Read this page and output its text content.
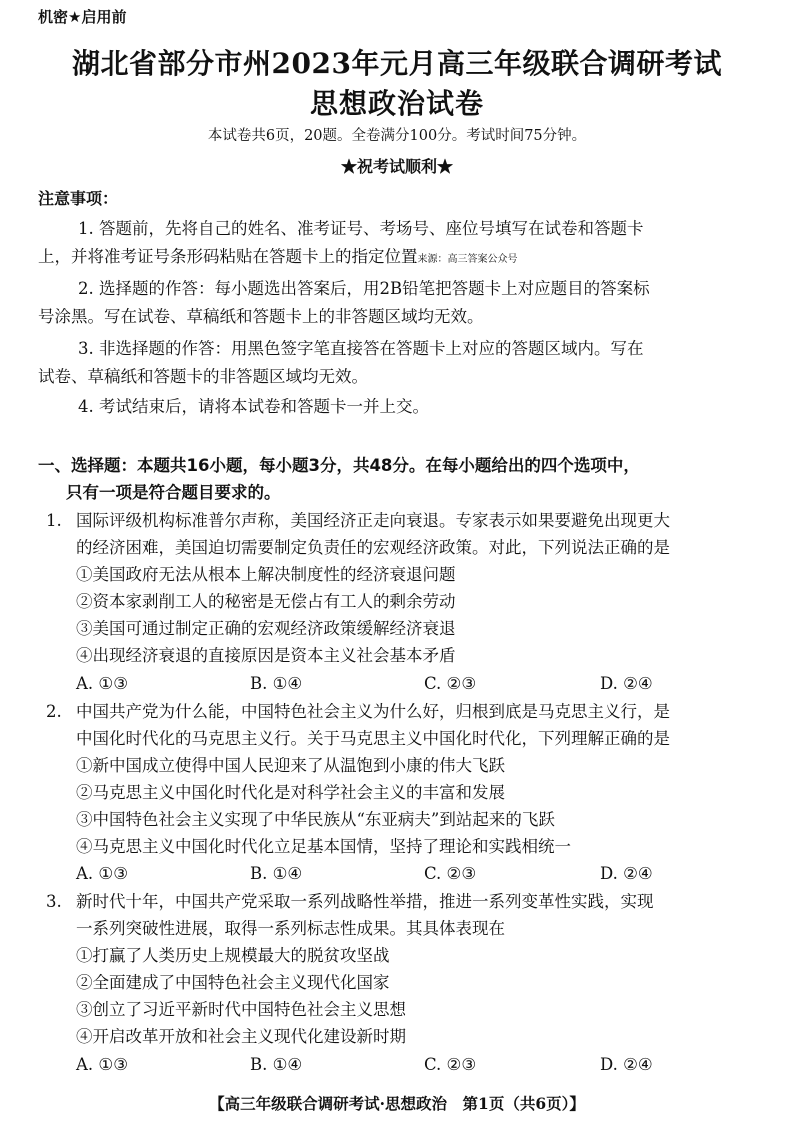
机密★启用前
湖北省部分市州2023年元月高三年级联合调研考试
思想政治试卷
本试卷共6页，20题。全卷满分100分。考试时间75分钟。
★祝考试顺利★
注意事项：
1. 答题前，先将自己的姓名、准考证号、考场号、座位号填写在试卷和答题卡
上，并将准考证号条形码粘贴在答题卡上的指定位置来源：高三答案公众号
2. 选择题的作答：每小题选出答案后，用2B铅笔把答题卡上对应题目的答案标
号涂黑。写在试卷、草稿纸和答题卡上的非答题区域均无效。
3. 非选择题的作答：用黑色签字笔直接答在答题卡上对应的答题区域内。写在
试卷、草稿纸和答题卡的非答题区域均无效。
4. 考试结束后，请将本试卷和答题卡一并上交。
一、选择题：本题共16小题，每小题3分，共48分。在每小题给出的四个选项中，
只有一项是符合题目要求的。
1. 国际评级机构标准普尔声称，美国经济正走向衰退。专家表示如果要避免出现更大
的经济困难，美国迫切需要制定负责任的宏观经济政策。对此，下列说法正确的是
①美国政府无法从根本上解决制度性的经济衰退问题
②资本家剥削工人的秘密是无偿占有工人的剩余劳动
③美国可通过制定正确的宏观经济政策缓解经济衰退
④出现经济衰退的直接原因是资本主义社会基本矛盾
A. ①③	B. ①④	C. ②③	D. ②④
2. 中国共产党为什么能，中国特色社会主义为什么好，归根到底是马克思主义行，是
中国化时代化的马克思主义行。关于马克思主义中国化时代化，下列理解正确的是
①新中国成立使得中国人民迎来了从温饱到小康的伟大飞跃
②马克思主义中国化时代化是对科学社会主义的丰富和发展
③中国特色社会主义实现了中华民族从“东亚病夫”到站起来的飞跃
④马克思主义中国化时代化立足基本国情，坚持了理论和实践相统一
A. ①③	B. ①④	C. ②③	D. ②④
3. 新时代十年，中国共产党采取一系列战略性举措，推进一系列变革性实践，实现
一系列突破性进展，取得一系列标志性成果。其具体表现在
①打赢了人类历史上规模最大的脱贫攻坚战
②全面建成了中国特色社会主义现代化国家
③创立了习近平新时代中国特色社会主义思想
④开启改革开放和社会主义现代化建设新时期
A. ①③	B. ①④	C. ②③	D. ②④
【高三年级联合调研考试·思想政治　第1页（共6页）】
